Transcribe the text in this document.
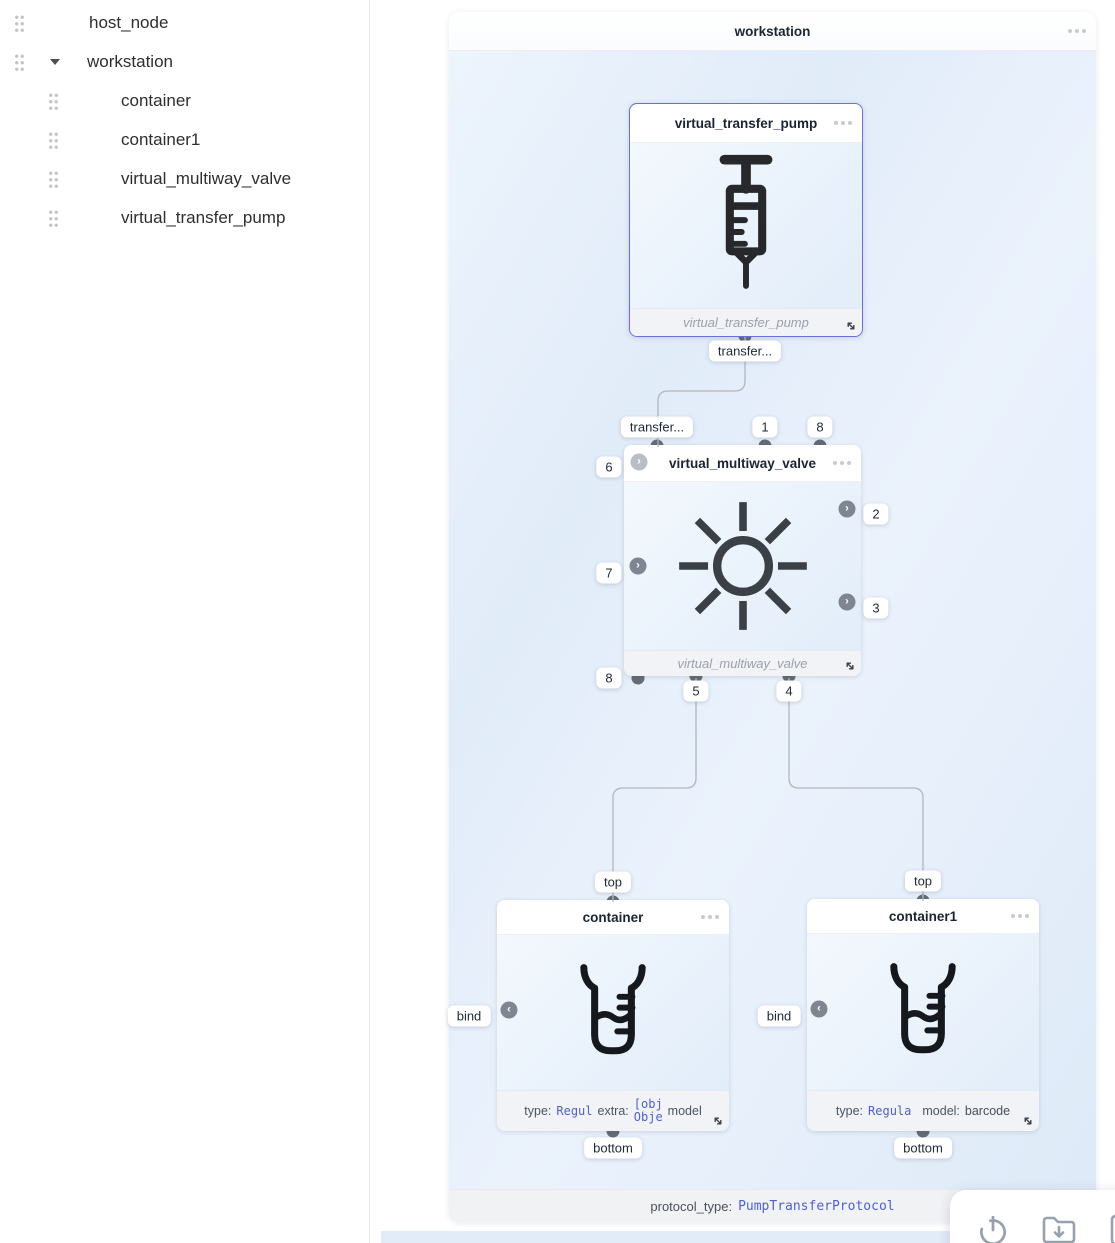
host_node
workstation
container
container1
virtual_multiway_valve
virtual_transfer_pump
workstation
protocol_type: PumpTransferProtocol
virtual_transfer_pump
virtual_transfer_pump
virtual_multiway_valve
virtual_multiway_valve
container
type: Regul extra: [obj
Obje model
container1
type: Regula model: barcode
›
›
›
›
‹	‹
transfer...
transfer...	1	8
2
3
6
7
8
5	4
top
bind
bottom
top
bind
bottom
